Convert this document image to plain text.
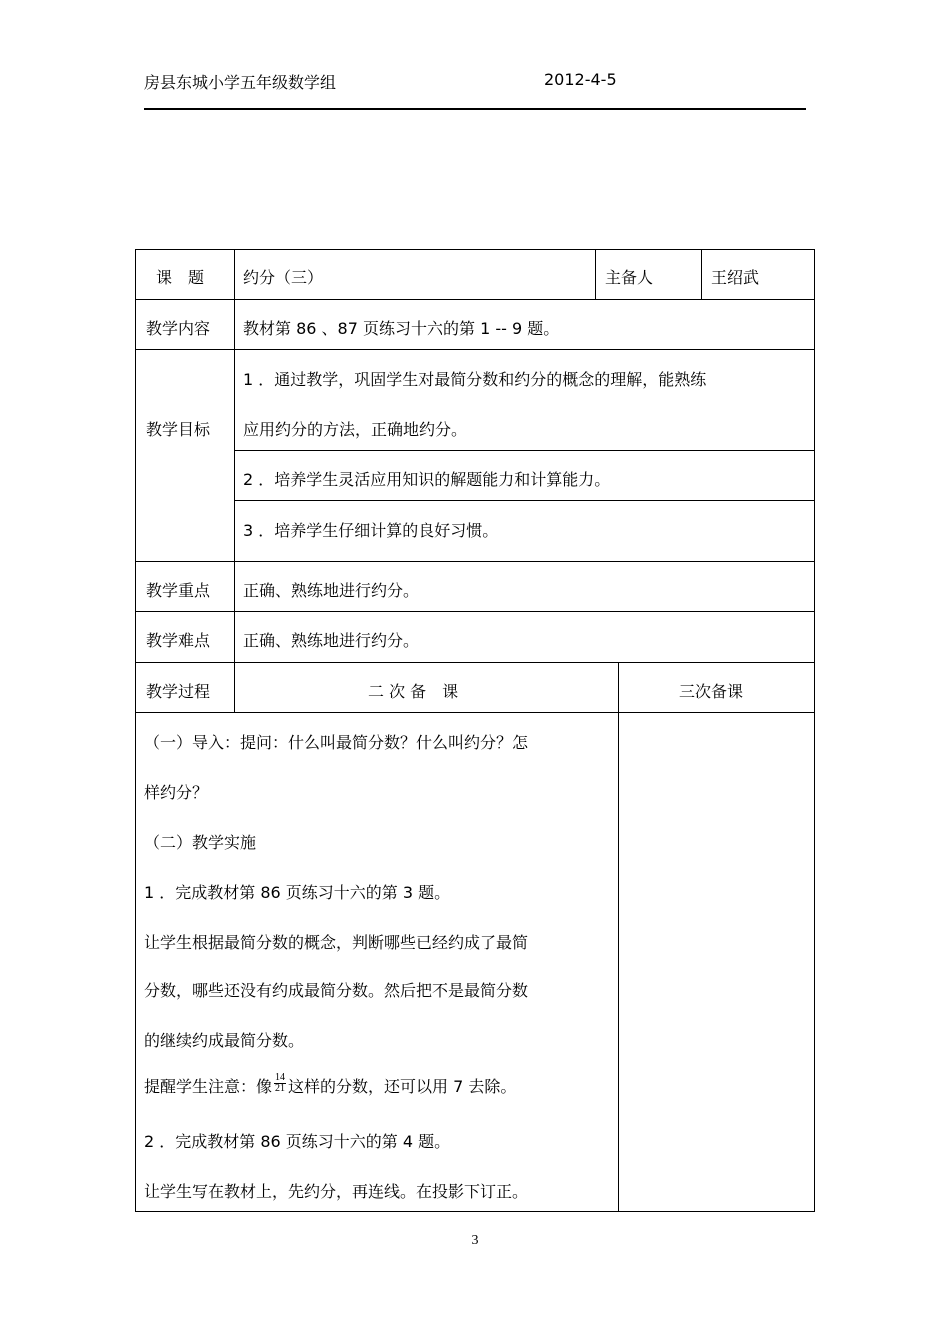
房县东城小学五年级数学组	2012-4-5
课　题 约分（三）	主备人	王绍武
教学内容 教材第 86 、87 页练习十六的第 1 -- 9 题。
教学目标
1 ．通过教学，巩固学生对最简分数和约分的概念的理解，能熟练
应用约分的方法，正确地约分。
2 ．培养学生灵活应用知识的解题能力和计算能力。
3 ．培养学生仔细计算的良好习惯。
教学重点 正确、熟练地进行约分。
教学难点 正确、熟练地进行约分。
教学过程	二 次 备　课	三次备课
（一）导入：提问：什么叫最简分数？什么叫约分？怎
样约分？
（二）教学实施
1 ．完成教材第 86 页练习十六的第 3 题。
让学生根据最简分数的概念，判断哪些已经约成了最简
分数，哪些还没有约成最简分数。然后把不是最简分数
的继续约成最简分数。
提醒学生注意：像 $\frac{14}{21}$ 这样的分数，还可以用 7 去除。
2 ．完成教材第 86 页练习十六的第 4 题。
让学生写在教材上，先约分，再连线。在投影下订正。
3
